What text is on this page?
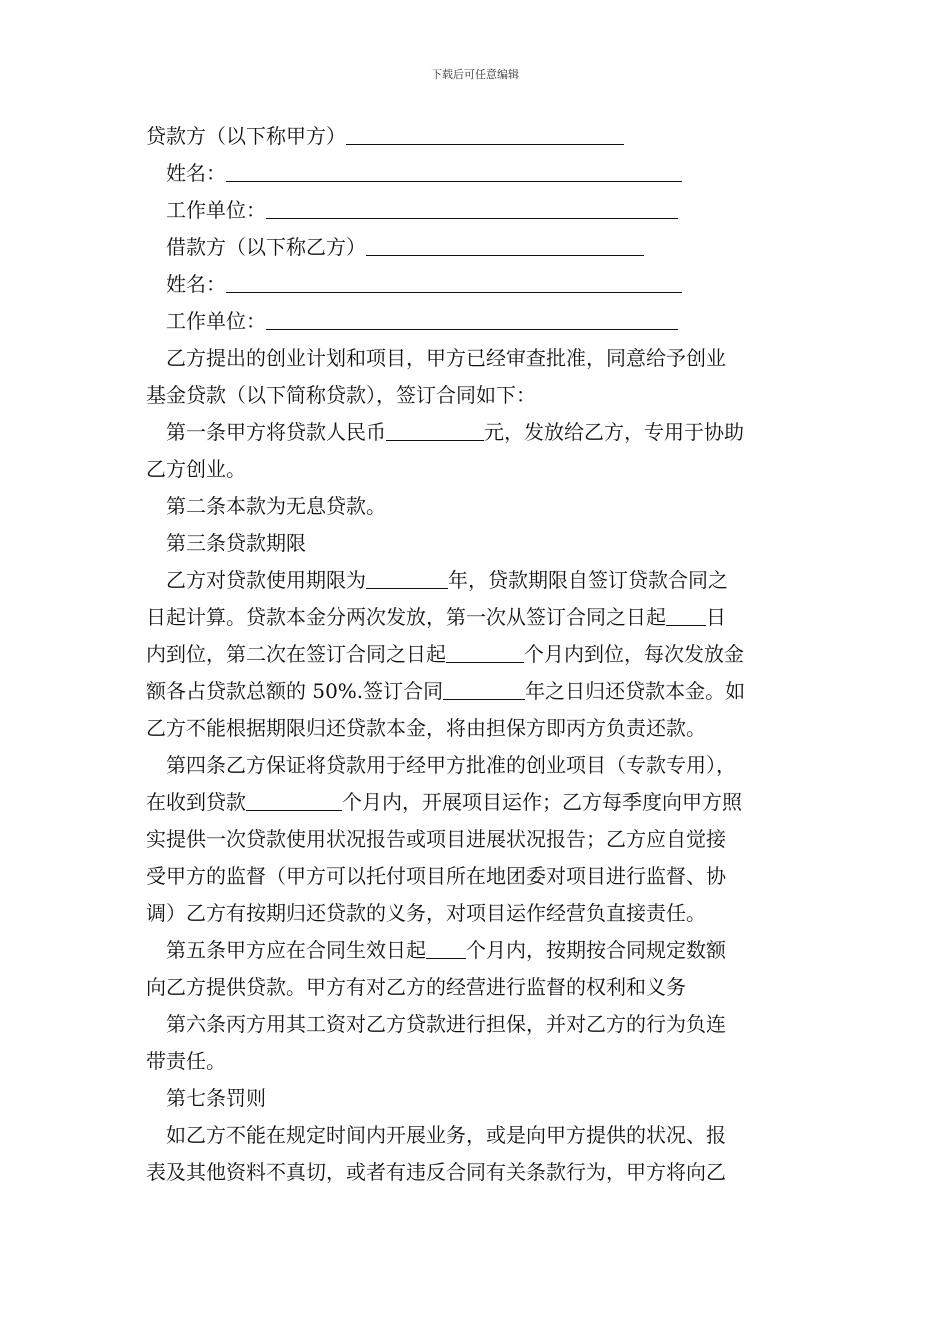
下载后可任意编辑
贷款方（以下称甲方）
姓名：
工作单位：
借款方（以下称乙方）
姓名：
工作单位：
乙方提出的创业计划和项目，甲方已经审查批准，同意给予创业
基金贷款（以下简称贷款），签订合同如下：
第一条甲方将贷款人民币	元，发放给乙方，专用于协助
乙方创业。
第二条本款为无息贷款。
第三条贷款期限
乙方对贷款使用期限为	年，贷款期限自签订贷款合同之
日起计算。贷款本金分两次发放，第一次从签订合同之日起 日
内到位，第二次在签订合同之日起	个月内到位，每次发放金
额各占贷款总额的 50%.签订合同	年之日归还贷款本金。如
乙方不能根据期限归还贷款本金，将由担保方即丙方负责还款。
第四条乙方保证将贷款用于经甲方批准的创业项目（专款专用），
在收到贷款	个月内，开展项目运作；乙方每季度向甲方照
实提供一次贷款使用状况报告或项目进展状况报告；乙方应自觉接
受甲方的监督（甲方可以托付项目所在地团委对项目进行监督、协
调）乙方有按期归还贷款的义务，对项目运作经营负直接责任。
第五条甲方应在合同生效日起 个月内，按期按合同规定数额
向乙方提供贷款。甲方有对乙方的经营进行监督的权利和义务
第六条丙方用其工资对乙方贷款进行担保，并对乙方的行为负连
带责任。
第七条罚则
如乙方不能在规定时间内开展业务，或是向甲方提供的状况、报
表及其他资料不真切，或者有违反合同有关条款行为，甲方将向乙
